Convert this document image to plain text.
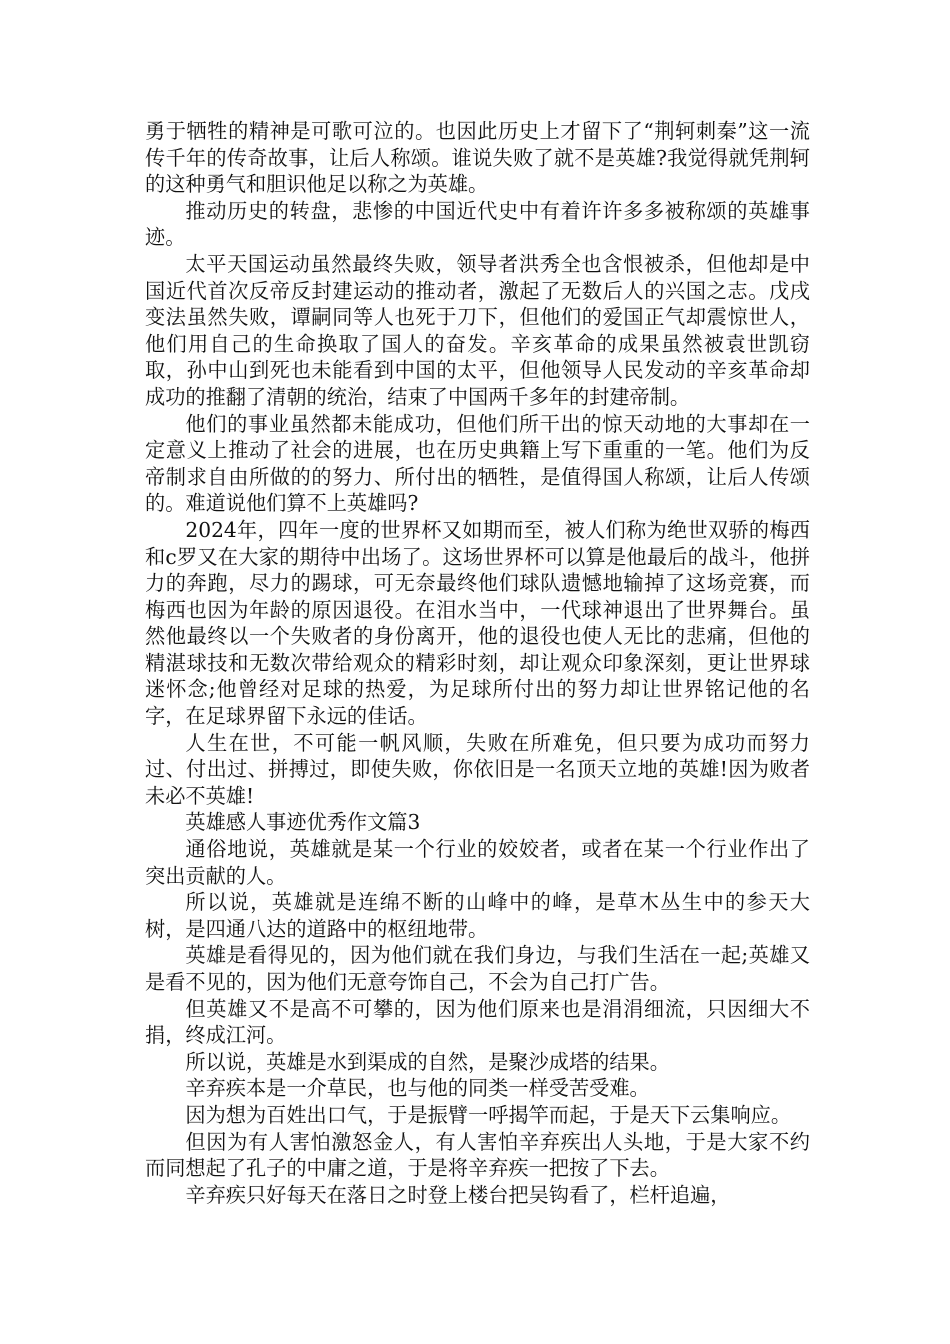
勇于牺牲的精神是可歌可泣的。也因此历史上才留下了“荆轲刺秦”这一流传千年的传奇故事，让后人称颂。谁说失败了就不是英雄?我觉得就凭荆轲的这种勇气和胆识他足以称之为英雄。

推动历史的转盘，悲惨的中国近代史中有着许许多多被称颂的英雄事迹。

太平天国运动虽然最终失败，领导者洪秀全也含恨被杀，但他却是中国近代首次反帝反封建运动的推动者，激起了无数后人的兴国之志。戊戌变法虽然失败，谭嗣同等人也死于刀下，但他们的爱国正气却震惊世人，他们用自己的生命换取了国人的奋发。辛亥革命的成果虽然被袁世凯窃取，孙中山到死也未能看到中国的太平，但他领导人民发动的辛亥革命却成功的推翻了清朝的统治，结束了中国两千多年的封建帝制。

他们的事业虽然都未能成功，但他们所干出的惊天动地的大事却在一定意义上推动了社会的进展，也在历史典籍上写下重重的一笔。他们为反帝制求自由所做的的努力、所付出的牺牲，是值得国人称颂，让后人传颂的。难道说他们算不上英雄吗?

2024年，四年一度的世界杯又如期而至，被人们称为绝世双骄的梅西和c罗又在大家的期待中出场了。这场世界杯可以算是他最后的战斗，他拼力的奔跑，尽力的踢球，可无奈最终他们球队遗憾地输掉了这场竞赛，而梅西也因为年龄的原因退役。在泪水当中，一代球神退出了世界舞台。虽然他最终以一个失败者的身份离开，他的退役也使人无比的悲痛，但他的精湛球技和无数次带给观众的精彩时刻，却让观众印象深刻，更让世界球迷怀念;他曾经对足球的热爱，为足球所付出的努力却让世界铭记他的名字，在足球界留下永远的佳话。

人生在世，不可能一帆风顺，失败在所难免，但只要为成功而努力过、付出过、拼搏过，即使失败，你依旧是一名顶天立地的英雄!因为败者未必不英雄!

英雄感人事迹优秀作文篇3

通俗地说，英雄就是某一个行业的姣姣者，或者在某一个行业作出了突出贡献的人。

所以说，英雄就是连绵不断的山峰中的峰，是草木丛生中的参天大树，是四通八达的道路中的枢纽地带。

英雄是看得见的，因为他们就在我们身边，与我们生活在一起;英雄又是看不见的，因为他们无意夸饰自己，不会为自己打广告。

但英雄又不是高不可攀的，因为他们原来也是涓涓细流，只因细大不捐，终成江河。

所以说，英雄是水到渠成的自然，是聚沙成塔的结果。

辛弃疾本是一介草民，也与他的同类一样受苦受难。

因为想为百姓出口气，于是振臂一呼揭竿而起，于是天下云集响应。

但因为有人害怕激怒金人，有人害怕辛弃疾出人头地，于是大家不约而同想起了孔子的中庸之道，于是将辛弃疾一把按了下去。

辛弃疾只好每天在落日之时登上楼台把吴钩看了，栏杆追遍，
